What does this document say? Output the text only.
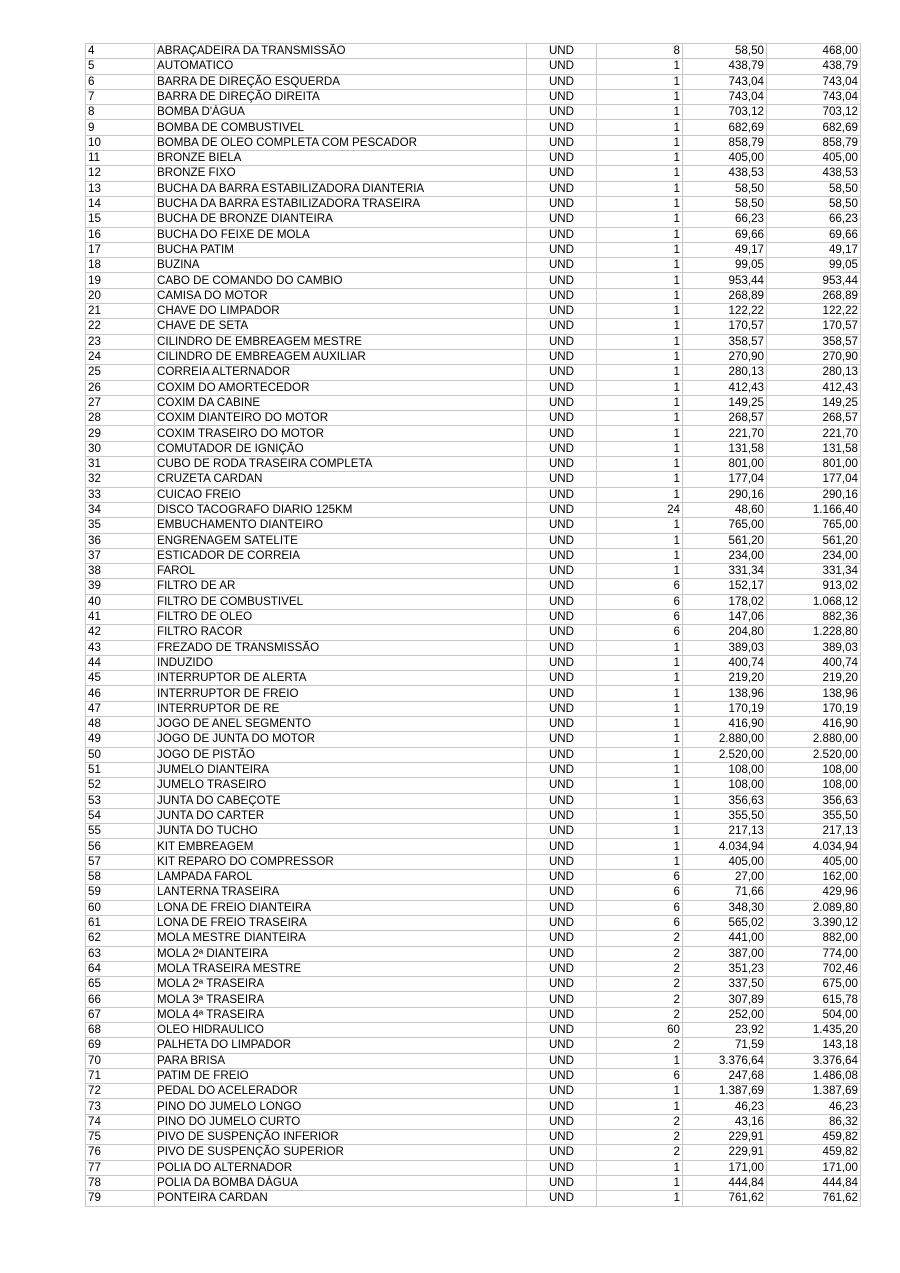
4	ABRAÇADEIRA DA TRANSMISSÃO	UND	8	58,50	468,00
5	AUTOMATICO	UND	1	438,79	438,79
6	BARRA DE DIREÇÃO ESQUERDA	UND	1	743,04	743,04
7	BARRA DE DIREÇÃO DIREITA	UND	1	743,04	743,04
8	BOMBA D'ÁGUA	UND	1	703,12	703,12
9	BOMBA DE COMBUSTIVEL	UND	1	682,69	682,69
10	BOMBA DE OLEO COMPLETA COM PESCADOR	UND	1	858,79	858,79
11	BRONZE BIELA	UND	1	405,00	405,00
12	BRONZE FIXO	UND	1	438,53	438,53
13	BUCHA DA BARRA ESTABILIZADORA DIANTERIA	UND	1	58,50	58,50
14	BUCHA DA BARRA ESTABILIZADORA TRASEIRA	UND	1	58,50	58,50
15	BUCHA DE BRONZE DIANTEIRA	UND	1	66,23	66,23
16	BUCHA DO FEIXE DE MOLA	UND	1	69,66	69,66
17	BUCHA PATIM	UND	1	49,17	49,17
18	BUZINA	UND	1	99,05	99,05
19	CABO DE COMANDO DO CAMBIO	UND	1	953,44	953,44
20	CAMISA DO MOTOR	UND	1	268,89	268,89
21	CHAVE DO LIMPADOR	UND	1	122,22	122,22
22	CHAVE DE SETA	UND	1	170,57	170,57
23	CILINDRO DE EMBREAGEM MESTRE	UND	1	358,57	358,57
24	CILINDRO DE EMBREAGEM AUXILIAR	UND	1	270,90	270,90
25	CORREIA ALTERNADOR	UND	1	280,13	280,13
26	COXIM DO AMORTECEDOR	UND	1	412,43	412,43
27	COXIM DA CABINE	UND	1	149,25	149,25
28	COXIM DIANTEIRO DO MOTOR	UND	1	268,57	268,57
29	COXIM TRASEIRO DO MOTOR	UND	1	221,70	221,70
30	COMUTADOR DE IGNIÇÃO	UND	1	131,58	131,58
31	CUBO DE RODA TRASEIRA COMPLETA	UND	1	801,00	801,00
32	CRUZETA CARDAN	UND	1	177,04	177,04
33	CUICAO FREIO	UND	1	290,16	290,16
34	DISCO TACOGRAFO DIARIO 125KM	UND	24	48,60	1.166,40
35	EMBUCHAMENTO DIANTEIRO	UND	1	765,00	765,00
36	ENGRENAGEM SATELITE	UND	1	561,20	561,20
37	ESTICADOR DE CORREIA	UND	1	234,00	234,00
38	FAROL	UND	1	331,34	331,34
39	FILTRO DE AR	UND	6	152,17	913,02
40	FILTRO DE COMBUSTIVEL	UND	6	178,02	1.068,12
41	FILTRO DE OLEO	UND	6	147,06	882,36
42	FILTRO RACOR	UND	6	204,80	1.228,80
43	FREZADO DE TRANSMISSÃO	UND	1	389,03	389,03
44	INDUZIDO	UND	1	400,74	400,74
45	INTERRUPTOR DE ALERTA	UND	1	219,20	219,20
46	INTERRUPTOR DE FREIO	UND	1	138,96	138,96
47	INTERRUPTOR DE RE	UND	1	170,19	170,19
48	JOGO DE ANEL SEGMENTO	UND	1	416,90	416,90
49	JOGO DE JUNTA DO MOTOR	UND	1	2.880,00	2.880,00
50	JOGO DE PISTÃO	UND	1	2.520,00	2.520,00
51	JUMELO DIANTEIRA	UND	1	108,00	108,00
52	JUMELO TRASEIRO	UND	1	108,00	108,00
53	JUNTA DO CABEÇOTE	UND	1	356,63	356,63
54	JUNTA DO CARTER	UND	1	355,50	355,50
55	JUNTA DO TUCHO	UND	1	217,13	217,13
56	KIT EMBREAGEM	UND	1	4.034,94	4.034,94
57	KIT REPARO DO COMPRESSOR	UND	1	405,00	405,00
58	LAMPADA FAROL	UND	6	27,00	162,00
59	LANTERNA TRASEIRA	UND	6	71,66	429,96
60	LONA DE FREIO DIANTEIRA	UND	6	348,30	2.089,80
61	LONA DE FREIO TRASEIRA	UND	6	565,02	3.390,12
62	MOLA MESTRE DIANTEIRA	UND	2	441,00	882,00
63	MOLA 2ª DIANTEIRA	UND	2	387,00	774,00
64	MOLA TRASEIRA MESTRE	UND	2	351,23	702,46
65	MOLA 2ª TRASEIRA	UND	2	337,50	675,00
66	MOLA 3ª TRASEIRA	UND	2	307,89	615,78
67	MOLA 4ª TRASEIRA	UND	2	252,00	504,00
68	OLEO HIDRAULICO	UND	60	23,92	1.435,20
69	PALHETA DO LIMPADOR	UND	2	71,59	143,18
70	PARA BRISA	UND	1	3.376,64	3.376,64
71	PATIM DE FREIO	UND	6	247,68	1.486,08
72	PEDAL DO ACELERADOR	UND	1	1.387,69	1.387,69
73	PINO DO JUMELO LONGO	UND	1	46,23	46,23
74	PINO DO JUMELO CURTO	UND	2	43,16	86,32
75	PIVO DE SUSPENÇÃO INFERIOR	UND	2	229,91	459,82
76	PIVO DE SUSPENÇÃO SUPERIOR	UND	2	229,91	459,82
77	POLIA DO ALTERNADOR	UND	1	171,00	171,00
78	POLIA DA BOMBA DÁGUA	UND	1	444,84	444,84
79	PONTEIRA CARDAN	UND	1	761,62	761,62
